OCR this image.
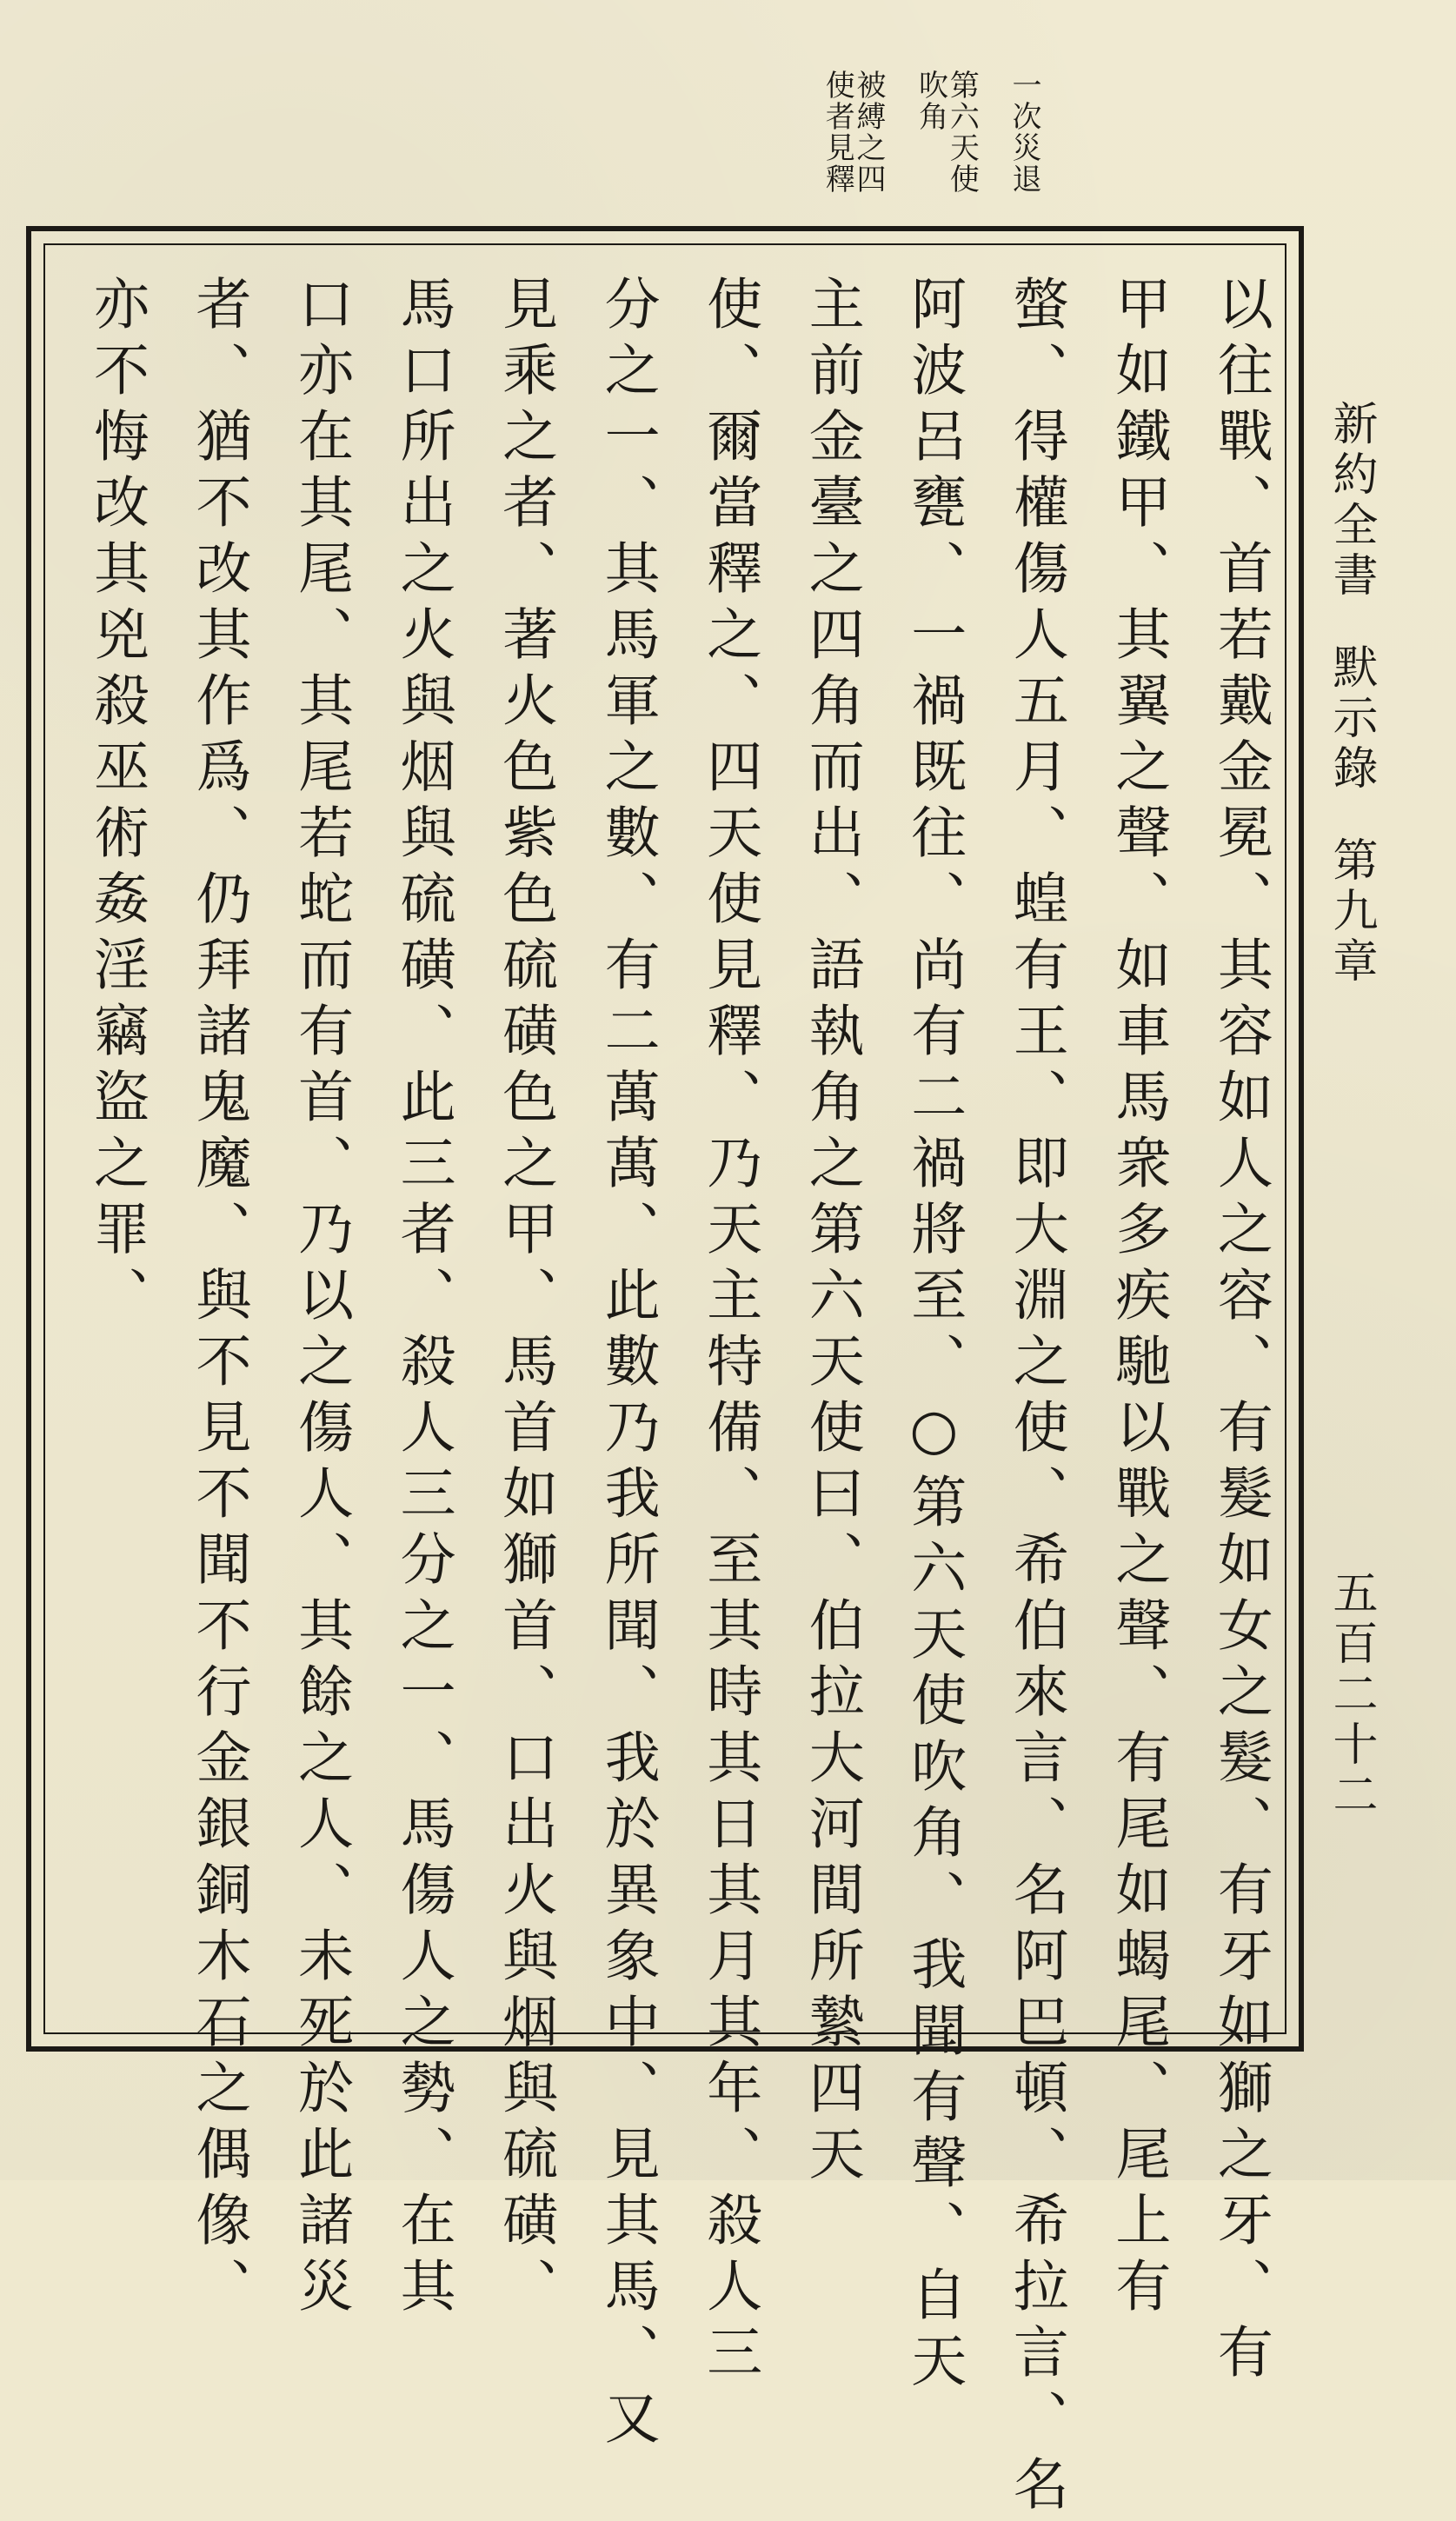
新約全書默示錄第九章
五百二十二
一次災退
第六天使
吹角
被縛之四
使者見釋
以往戰、首若戴金冕、其容如人之容、有髮如女之髮、有牙如獅之牙、有
甲如鐵甲、其翼之聲、如車馬衆多疾馳以戰之聲、有尾如蝎尾、尾上有
螫、得權傷人五月、蝗有王、即大淵之使、希伯來言、名阿巴頓、希拉言、名
阿波呂甕、一禍既往、尚有二禍將至、○第六天使吹角、我聞有聲、自天
主前金臺之四角而出、語執角之第六天使曰、伯拉大河間所縶四天
使、爾當釋之、四天使見釋、乃天主特備、至其時其日其月其年、殺人三
分之一、其馬軍之數、有二萬萬、此數乃我所聞、我於異象中、見其馬、又
見乘之者、著火色紫色硫磺色之甲、馬首如獅首、口出火與烟與硫磺、
馬口所出之火與烟與硫磺、此三者、殺人三分之一、馬傷人之勢、在其
口亦在其尾、其尾若蛇而有首、乃以之傷人、其餘之人、未死於此諸災
者、猶不改其作爲、仍拜諸鬼魔、與不見不聞不行金銀銅木石之偶像、
亦不悔改其兇殺巫術姦淫竊盜之罪、
